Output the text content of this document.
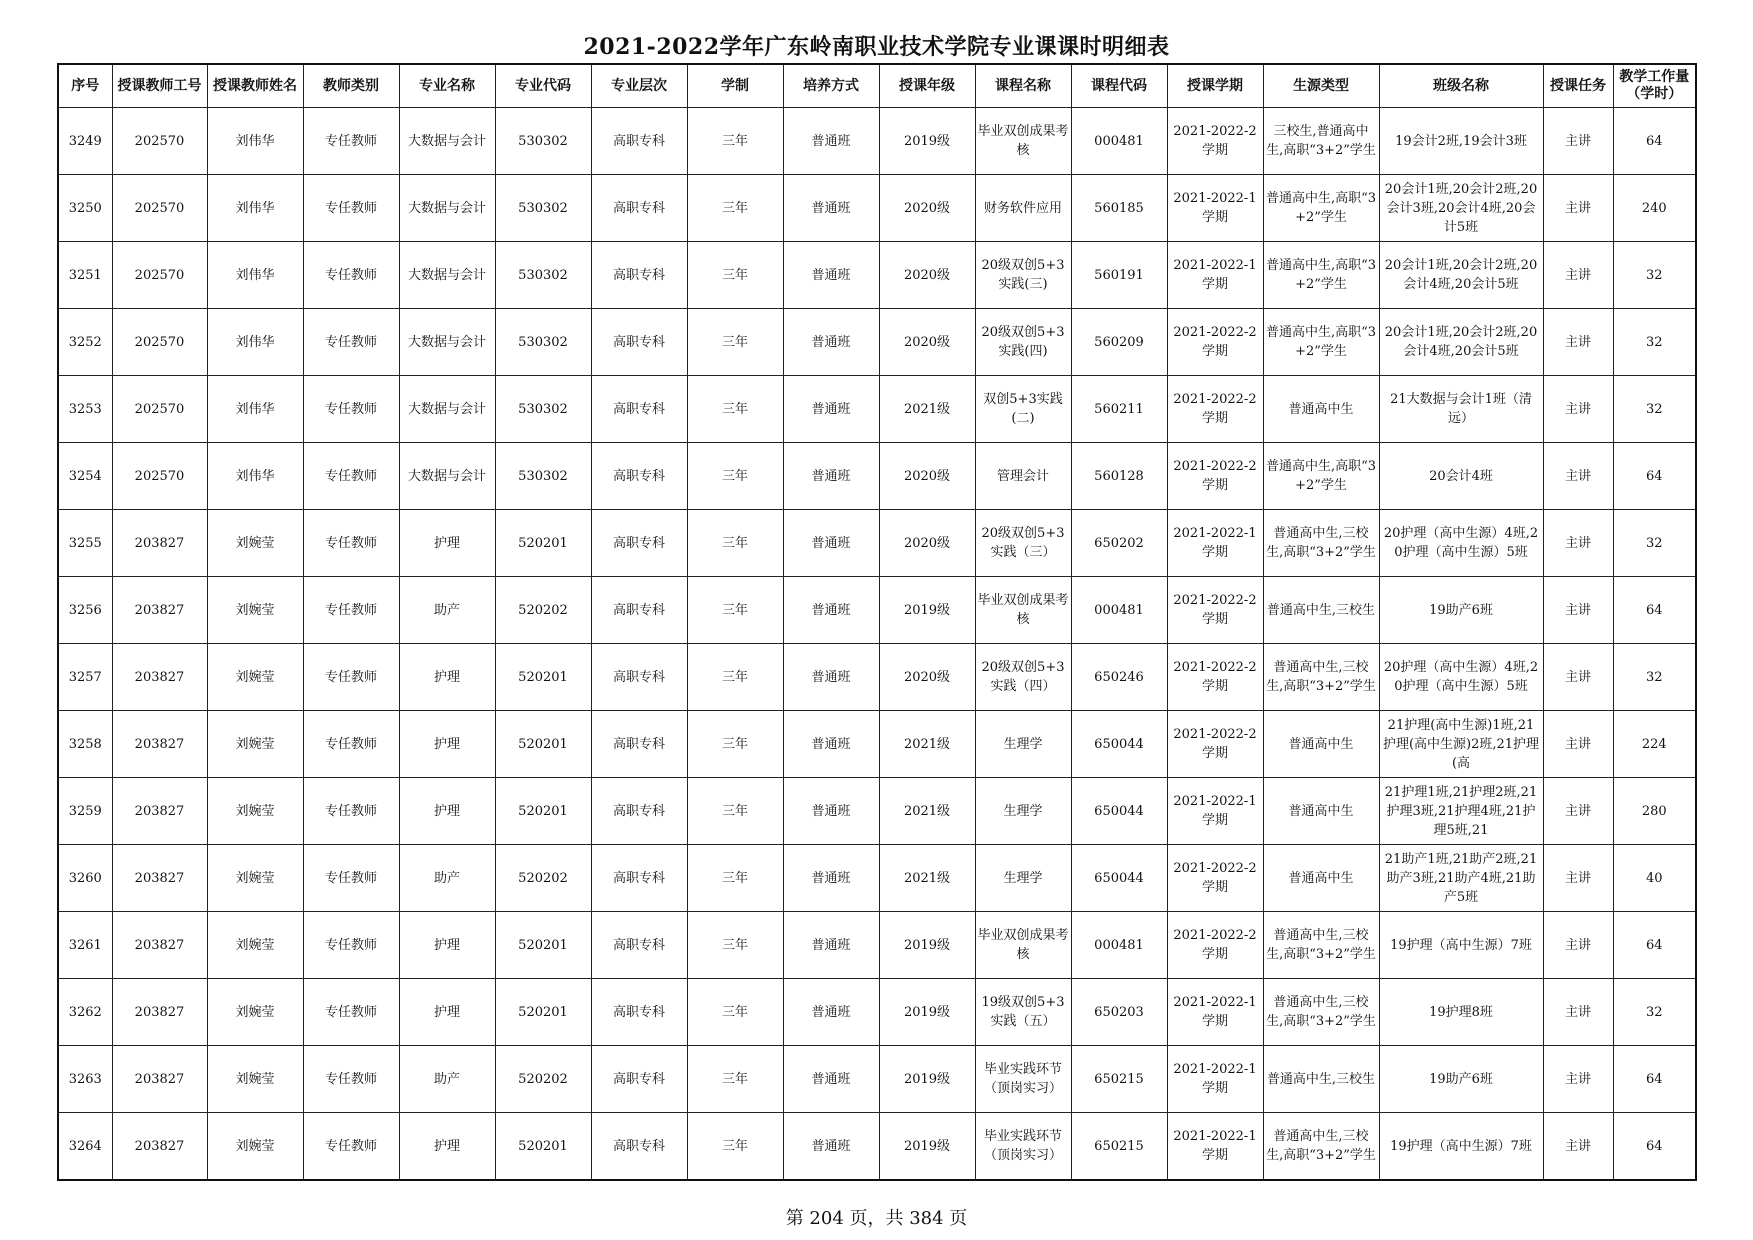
2021-2022学年广东岭南职业技术学院专业课课时明细表
序号	授课教师工号	授课教师姓名	教师类别	专业名称	专业代码	专业层次	学制	培养方式	授课年级	课程名称	课程代码	授课学期	生源类型	班级名称	授课任务	教学工作量（学时）

3249	202570	刘伟华	专任教师	大数据与会计	530302	高职专科	三年	普通班	2019级	毕业双创成果考核	000481	2021-2022-2学期	三校生,普通高中生,高职“3+2”学生	19会计2班,19会计3班	主讲	64

3250	202570	刘伟华	专任教师	大数据与会计	530302	高职专科	三年	普通班	2020级	财务软件应用	560185	2021-2022-1学期	普通高中生,高职“3+2”学生	20会计1班,20会计2班,20会计3班,20会计4班,20会计5班	主讲	240

3251	202570	刘伟华	专任教师	大数据与会计	530302	高职专科	三年	普通班	2020级	20级双创5+3实践(三)	560191	2021-2022-1学期	普通高中生,高职“3+2”学生	20会计1班,20会计2班,20会计4班,20会计5班	主讲	32

3252	202570	刘伟华	专任教师	大数据与会计	530302	高职专科	三年	普通班	2020级	20级双创5+3实践(四)	560209	2021-2022-2学期	普通高中生,高职“3+2”学生	20会计1班,20会计2班,20会计4班,20会计5班	主讲	32

3253	202570	刘伟华	专任教师	大数据与会计	530302	高职专科	三年	普通班	2021级	双创5+3实践(二)	560211	2021-2022-2学期	普通高中生	21大数据与会计1班（清远）	主讲	32

3254	202570	刘伟华	专任教师	大数据与会计	530302	高职专科	三年	普通班	2020级	管理会计	560128	2021-2022-2学期	普通高中生,高职“3+2”学生	20会计4班	主讲	64

3255	203827	刘婉莹	专任教师	护理	520201	高职专科	三年	普通班	2020级	20级双创5+3实践（三）	650202	2021-2022-1学期	普通高中生,三校生,高职“3+2”学生	20护理（高中生源）4班,20护理（高中生源）5班	主讲	32

3256	203827	刘婉莹	专任教师	助产	520202	高职专科	三年	普通班	2019级	毕业双创成果考核	000481	2021-2022-2学期	普通高中生,三校生	19助产6班	主讲	64

3257	203827	刘婉莹	专任教师	护理	520201	高职专科	三年	普通班	2020级	20级双创5+3实践（四）	650246	2021-2022-2学期	普通高中生,三校生,高职“3+2”学生	20护理（高中生源）4班,20护理（高中生源）5班	主讲	32

3258	203827	刘婉莹	专任教师	护理	520201	高职专科	三年	普通班	2021级	生理学	650044	2021-2022-2学期	普通高中生	21护理(高中生源)1班,21护理(高中生源)2班,21护理(高	主讲	224

3259	203827	刘婉莹	专任教师	护理	520201	高职专科	三年	普通班	2021级	生理学	650044	2021-2022-1学期	普通高中生	21护理1班,21护理2班,21护理3班,21护理4班,21护理5班,21	主讲	280

3260	203827	刘婉莹	专任教师	助产	520202	高职专科	三年	普通班	2021级	生理学	650044	2021-2022-2学期	普通高中生	21助产1班,21助产2班,21助产3班,21助产4班,21助产5班	主讲	40

3261	203827	刘婉莹	专任教师	护理	520201	高职专科	三年	普通班	2019级	毕业双创成果考核	000481	2021-2022-2学期	普通高中生,三校生,高职“3+2”学生	19护理（高中生源）7班	主讲	64

3262	203827	刘婉莹	专任教师	护理	520201	高职专科	三年	普通班	2019级	19级双创5+3实践（五）	650203	2021-2022-1学期	普通高中生,三校生,高职“3+2”学生	19护理8班	主讲	32

3263	203827	刘婉莹	专任教师	助产	520202	高职专科	三年	普通班	2019级	毕业实践环节（顶岗实习）	650215	2021-2022-1学期	普通高中生,三校生	19助产6班	主讲	64

3264	203827	刘婉莹	专任教师	护理	520201	高职专科	三年	普通班	2019级	毕业实践环节（顶岗实习）	650215	2021-2022-1学期	普通高中生,三校生,高职“3+2”学生	19护理（高中生源）7班	主讲	64
第 204 页，共 384 页
